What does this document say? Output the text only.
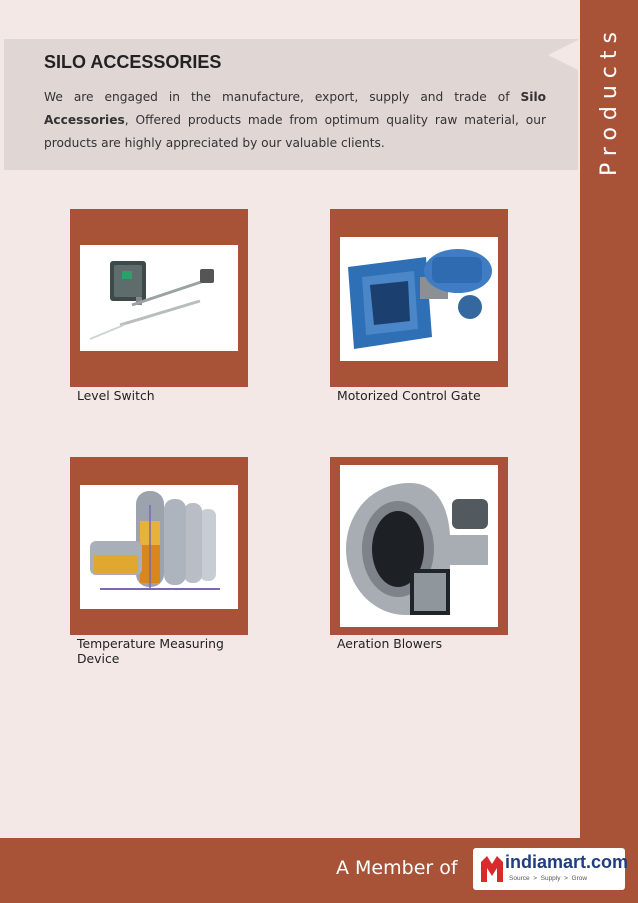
Products
SILO ACCESSORIES

We are engaged in the manufacture, export, supply and trade of Silo Accessories, Offered products made from optimum quality raw material, our products are highly appreciated by our valuable clients.

Level Switch	Motorized Control Gate
Temperature Measuring Device
Aeration Blowers
A Member of	indiamart.com
Source  >  Supply  >  Grow
